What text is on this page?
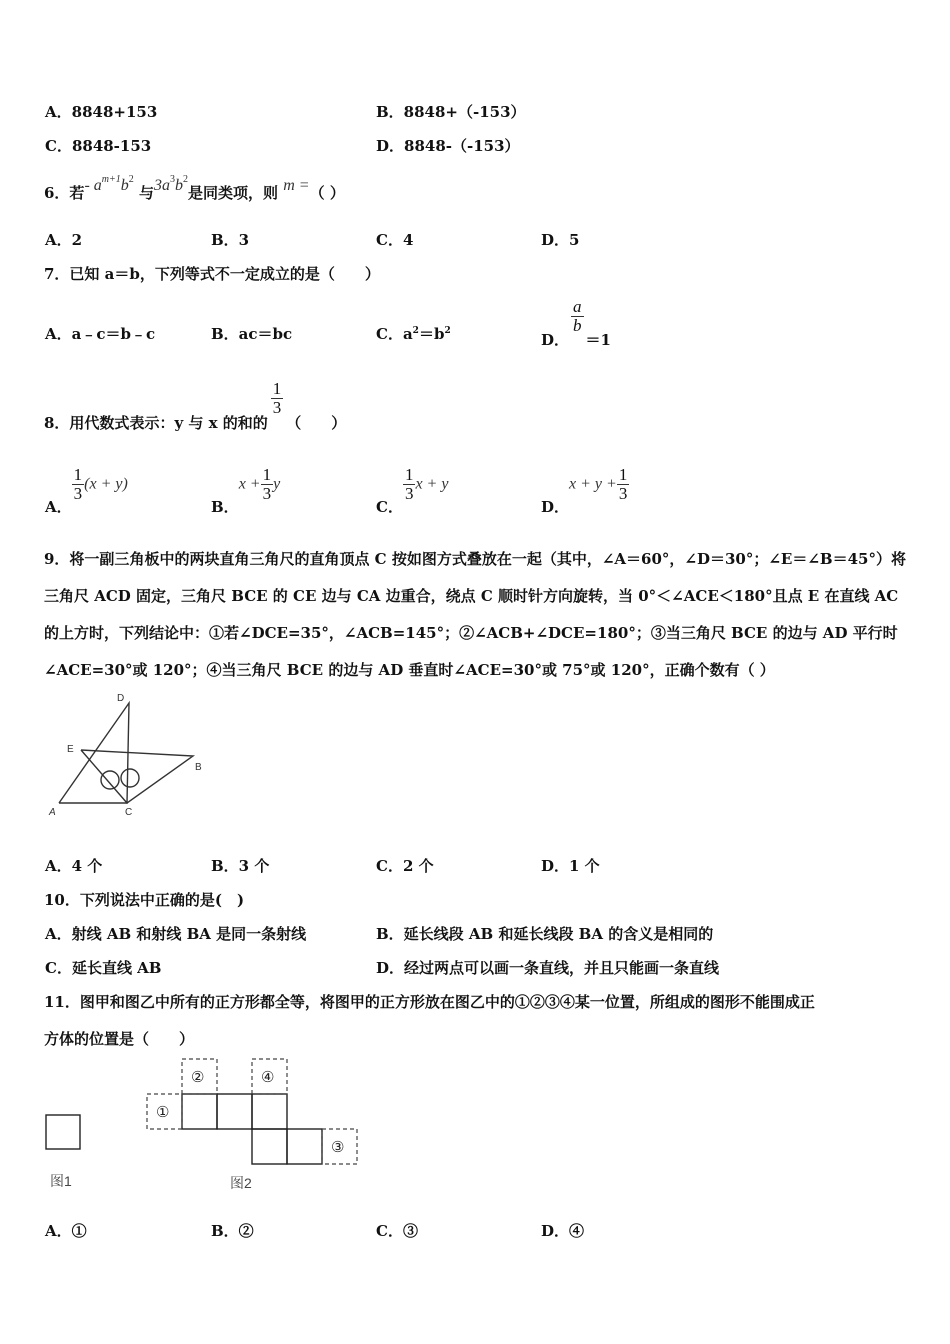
A．8848+153	B．8848+（-153）
C．8848-153	D．8848-（-153）
6．若- $a^{m+1}b^2$ 与$3a^3b^2$是同类项，则 m =（ ）
A．2	B．3	C．4	D．5
7．已知 a＝b，下列等式不一定成立的是（　　）
A．a﹣c＝b﹣c	B．ac＝bc	C．$a^2=b^2$
D．
$\frac{a}{b}$
＝1
8．用代数式表示：y 与 x 的和的
$\frac{1}{3}$
（　　）
A．
$\frac{1}{3} (x + y)$
B．$x + \frac{1}{3}$ y
C．
$\frac{1}{3}$ x + y
D．$x + y + \frac{1}{3}$
9．将一副三角板中的两块直角三角尺的直角顶点 C 按如图方式叠放在一起（其中，∠A＝60°，∠D＝30°；∠E＝∠B＝45°）将三角尺 ACD 固定，三角尺 BCE 的 CE 边与 CA 边重合，绕点 C 顺时针方向旋转，当 0°＜∠ACE＜180°且点 E 在直线 AC 的上方时，下列结论中：①若∠DCE=35°，∠ACB=145°；②∠ACB+∠DCE=180°；③当三角尺 BCE 的边与 AD 平行时∠ACE=30°或 120°；④当三角尺 BCE 的边与 AD 垂直时∠ACE=30°或 75°或 120°，正确个数有（ ）
D
E
B
A	C
A．4 个	B．3 个	C．2 个	D．1 个
10．下列说法中正确的是(　)
A．射线 AB 和射线 BA 是同一条射线	B．延长线段 AB 和延长线段 BA 的含义是相同的
C．延长直线 AB	D．经过两点可以画一条直线，并且只能画一条直线
11．图甲和图乙中所有的正方形都全等，将图甲的正方形放在图乙中的①②③④某一位置，所组成的图形不能围成正
方体的位置是（　　）
图1
①
②	④
③
图2
A．①	B．②	C．③	D．④
